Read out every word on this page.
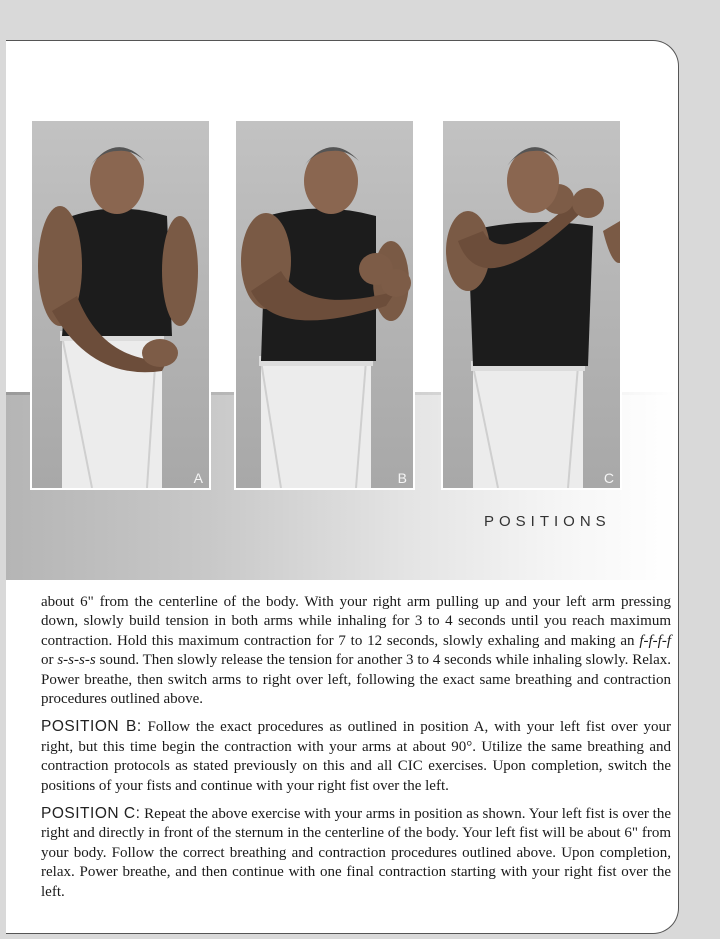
A	B	C
POSITIONS

about 6" from the centerline of the body. With your right arm pulling up and your left arm pressing down, slowly build tension in both arms while inhaling for 3 to 4 seconds until you reach maximum contraction. Hold this maximum contraction for 7 to 12 seconds, slowly exhaling and making an f-f-f-f or s-s-s-s sound. Then slowly release the tension for another 3 to 4 seconds while inhaling slowly. Relax. Power breathe, then switch arms to right over left, following the exact same breathing and contraction procedures outlined above.

POSITION B: Follow the exact procedures as outlined in position A, with your left fist over your right, but this time begin the contraction with your arms at about 90°. Utilize the same breathing and contraction protocols as stated previously on this and all CIC exercises. Upon completion, switch the positions of your fists and continue with your right fist over the left.

POSITION C: Repeat the above exercise with your arms in position as shown. Your left fist is over the right and directly in front of the sternum in the centerline of the body. Your left fist will be about 6" from your body. Follow the correct breathing and contraction procedures outlined above. Upon completion, relax. Power breathe, and then continue with one final contraction starting with your right fist over the left.
